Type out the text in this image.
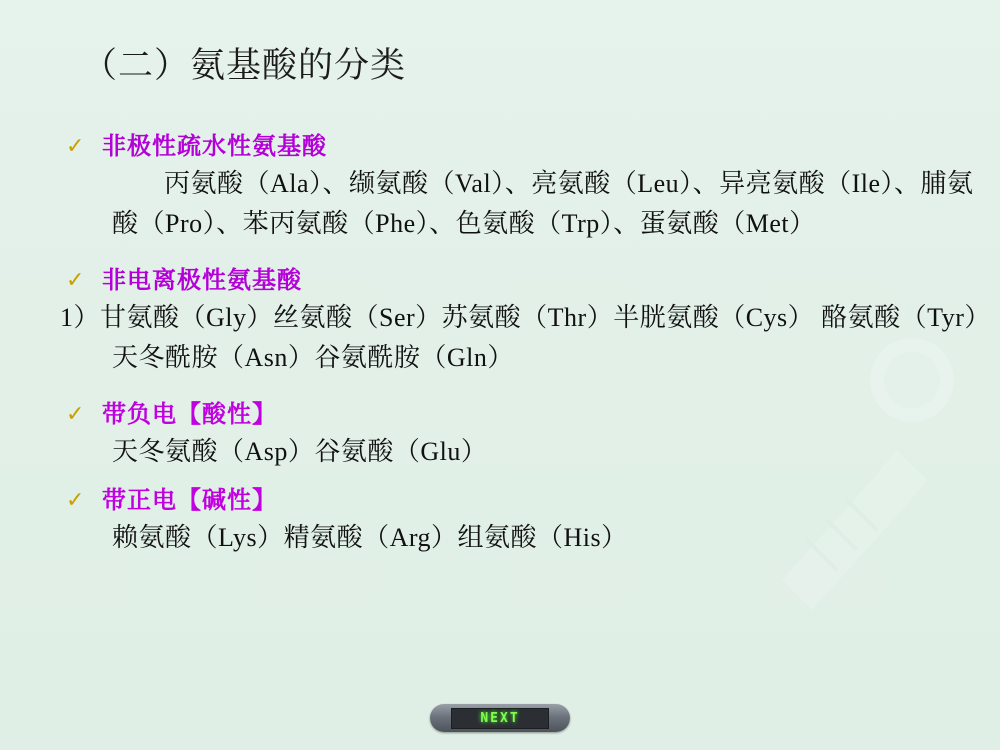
（二）氨基酸的分类
✓ 非极性疏水性氨基酸
丙氨酸（Ala）、缬氨酸（Val）、亮氨酸（Leu）、异亮氨酸（Ile）、脯氨酸（Pro）、苯丙氨酸（Phe）、色氨酸（Trp）、蛋氨酸（Met）
✓ 非电离极性氨基酸
1）甘氨酸（Gly）丝氨酸（Ser）苏氨酸（Thr）半胱氨酸（Cys） 酪氨酸（Tyr）天冬酰胺（Asn）谷氨酰胺（Gln）
✓ 带负电【酸性】
天冬氨酸（Asp）谷氨酸（Glu）
✓ 带正电【碱性】
赖氨酸（Lys）精氨酸（Arg）组氨酸（His）
NEXT
